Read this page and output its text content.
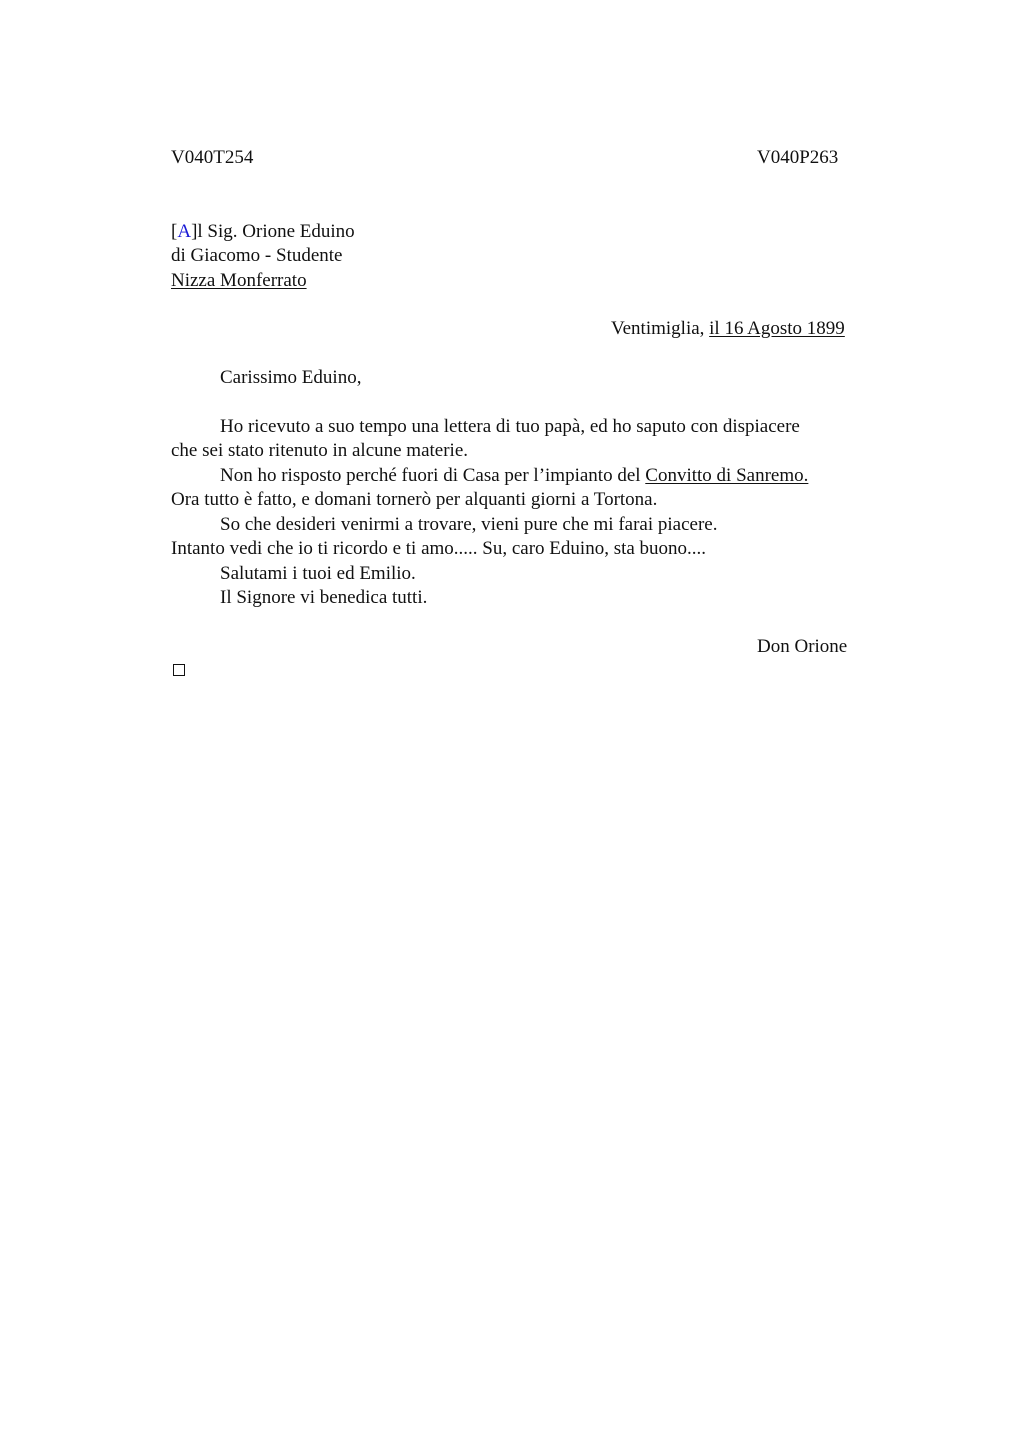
V040T254	V040P263
[A]l Sig. Orione Eduino
di Giacomo - Studente
Nizza Monferrato
Ventimiglia, il 16 Agosto 1899
Carissimo Eduino,
Ho ricevuto a suo tempo una lettera di tuo papà, ed ho saputo con dispiacere
che sei stato ritenuto in alcune materie.
Non ho risposto perché fuori di Casa per l’impianto del Convitto di Sanremo.
Ora tutto è fatto, e domani tornerò per alquanti giorni a Tortona.
So che desideri venirmi a trovare, vieni pure che mi farai piacere.
Intanto vedi che io ti ricordo e ti amo..... Su, caro Eduino, sta buono....
Salutami i tuoi ed Emilio.
Il Signore vi benedica tutti.
Don Orione
